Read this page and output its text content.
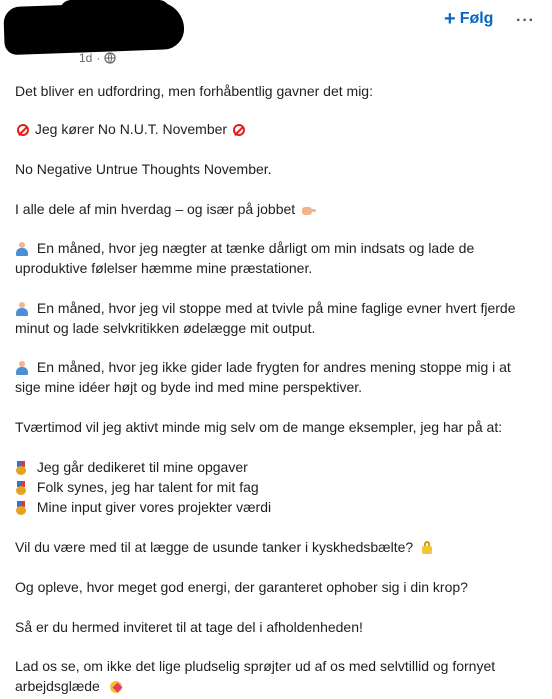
1d ·
+ Følg ···
Det bliver en udfordring, men forhåbentlig gavner det mig:
Jeg kører No N.U.T. November
No Negative Untrue Thoughts November.
I alle dele af min hverdag – og især på jobbet
En måned, hvor jeg nægter at tænke dårligt om min indsats og lade de
uproduktive følelser hæmme mine præstationer.
En måned, hvor jeg vil stoppe med at tvivle på mine faglige evner hvert fjerde
minut og lade selvkritikken ødelægge mit output.
En måned, hvor jeg ikke gider lade frygten for andres mening stoppe mig i at
sige mine idéer højt og byde ind med mine perspektiver.
Tværtimod vil jeg aktivt minde mig selv om de mange eksempler, jeg har på at:
Jeg går dedikeret til mine opgaver
Folk synes, jeg har talent for mit fag
Mine input giver vores projekter værdi
Vil du være med til at lægge de usunde tanker i kyskhedsbælte?
Og opleve, hvor meget god energi, der garanteret ophober sig i din krop?
Så er du hermed inviteret til at tage del i afholdenheden!
Lad os se, om ikke det lige pludselig sprøjter ud af os med selvtillid og fornyet
arbejdsglæde
